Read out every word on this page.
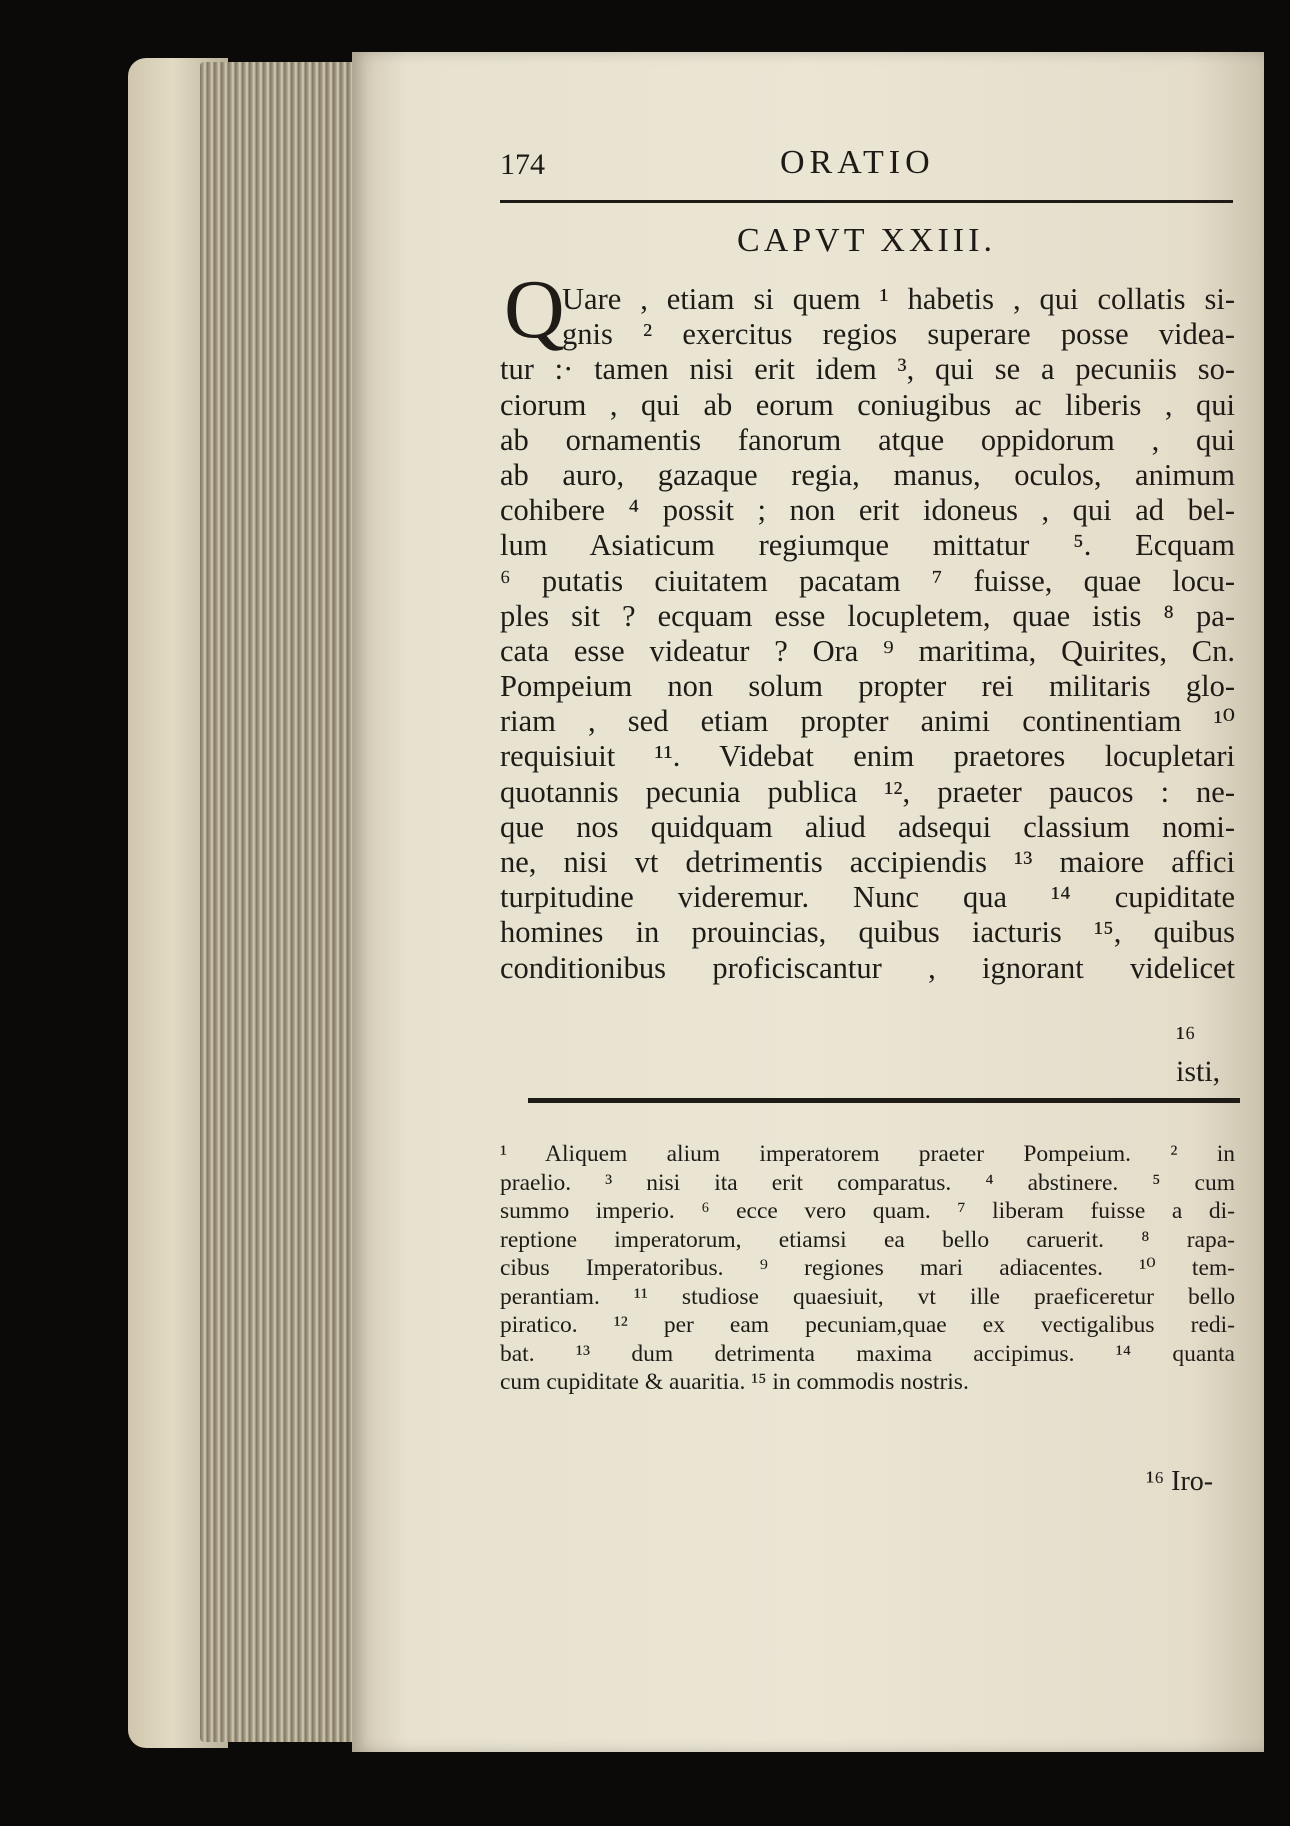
174	ORATIO
CAPVT XXIII.
Q
Uare , etiam si quem ¹ habetis , qui collatis si-
gnis ² exercitus regios superare posse videa-
tur :· tamen nisi erit idem ³, qui se a pecuniis so-
ciorum , qui ab eorum coniugibus ac liberis , qui
ab ornamentis fanorum atque oppidorum , qui
ab auro, gazaque regia, manus, oculos, animum
cohibere ⁴ possit ; non erit idoneus , qui ad bel-
lum Asiaticum regiumque mittatur ⁵. Ecquam
⁶ putatis ciuitatem pacatam ⁷ fuisse, quae locu-
ples sit ? ecquam esse locupletem, quae istis ⁸ pa-
cata esse videatur ? Ora ⁹ maritima, Quirites, Cn.
Pompeium non solum propter rei militaris glo-
riam , sed etiam propter animi continentiam ¹⁰
requisiuit ¹¹. Videbat enim praetores locupletari
quotannis pecunia publica ¹², praeter paucos : ne-
que nos quidquam aliud adsequi classium nomi-
ne, nisi vt detrimentis accipiendis ¹³ maiore affici
turpitudine videremur. Nunc qua ¹⁴ cupiditate
homines in prouincias, quibus iacturis ¹⁵, quibus
conditionibus proficiscantur , ignorant videlicet
¹⁶ isti,
¹ Aliquem alium imperatorem praeter Pompeium. ² in
praelio. ³ nisi ita erit comparatus. ⁴ abstinere. ⁵ cum
summo imperio. ⁶ ecce vero quam. ⁷ liberam fuisse a di-
reptione imperatorum, etiamsi ea bello caruerit. ⁸ rapa-
cibus Imperatoribus. ⁹ regiones mari adiacentes. ¹⁰ tem-
perantiam. ¹¹ studiose quaesiuit, vt ille praeficeretur bello
piratico. ¹² per eam pecuniam,quae ex vectigalibus redi-
bat. ¹³ dum detrimenta maxima accipimus. ¹⁴ quanta
cum cupiditate & auaritia. ¹⁵ in commodis nostris.
¹⁶ Iro-
